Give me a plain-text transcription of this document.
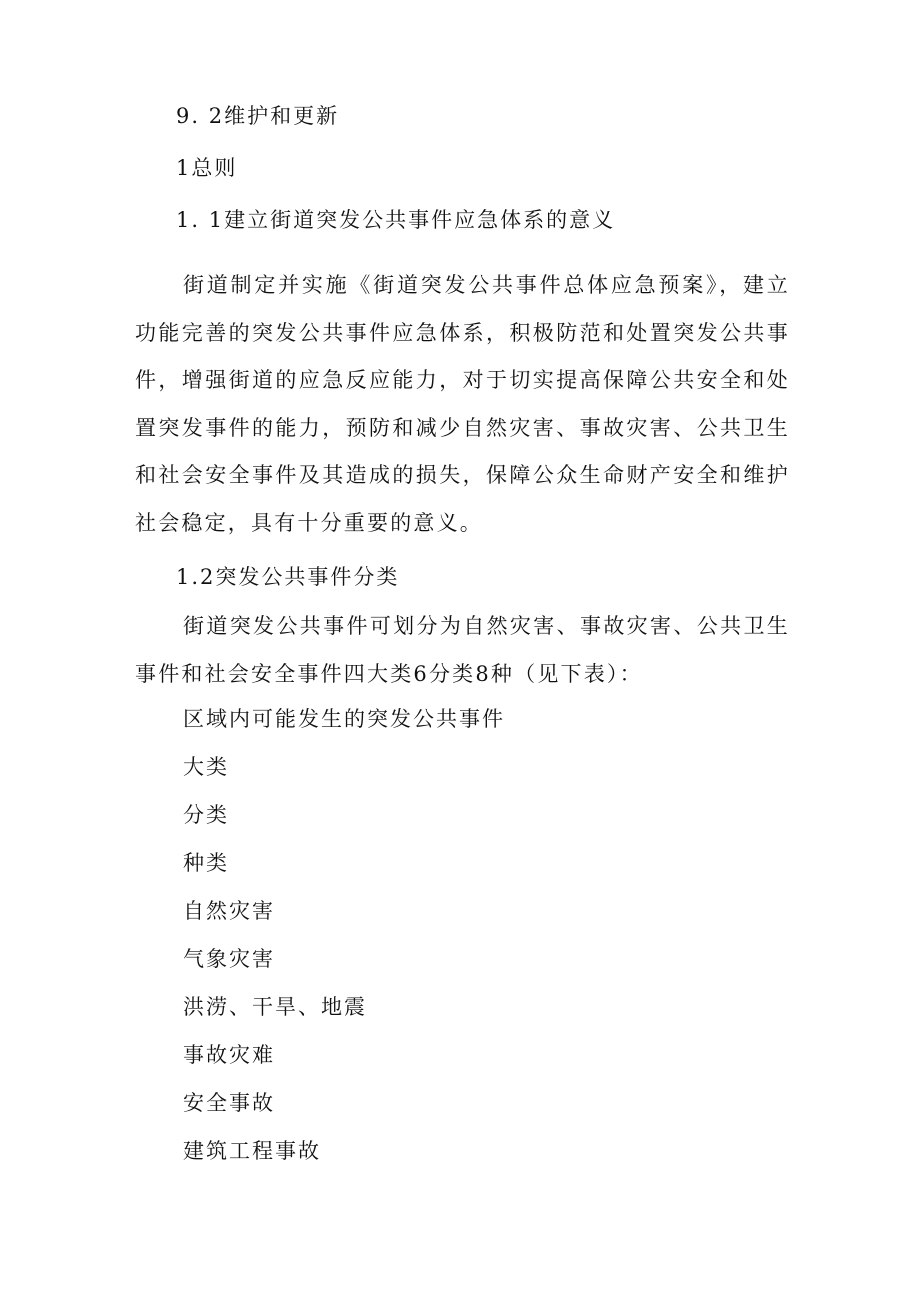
9. 2维护和更新
1总则
1. 1建立街道突发公共事件应急体系的意义
街道制定并实施《街道突发公共事件总体应急预案》，建立功能完善的突发公共事件应急体系，积极防范和处置突发公共事件，增强街道的应急反应能力，对于切实提高保障公共安全和处置突发事件的能力，预防和减少自然灾害、事故灾害、公共卫生和社会安全事件及其造成的损失，保障公众生命财产安全和维护社会稳定，具有十分重要的意义。
1.2突发公共事件分类
街道突发公共事件可划分为自然灾害、事故灾害、公共卫生事件和社会安全事件四大类6分类8种（见下表）：
区域内可能发生的突发公共事件
大类
分类
种类
自然灾害
气象灾害
洪涝、干旱、地震
事故灾难
安全事故
建筑工程事故
